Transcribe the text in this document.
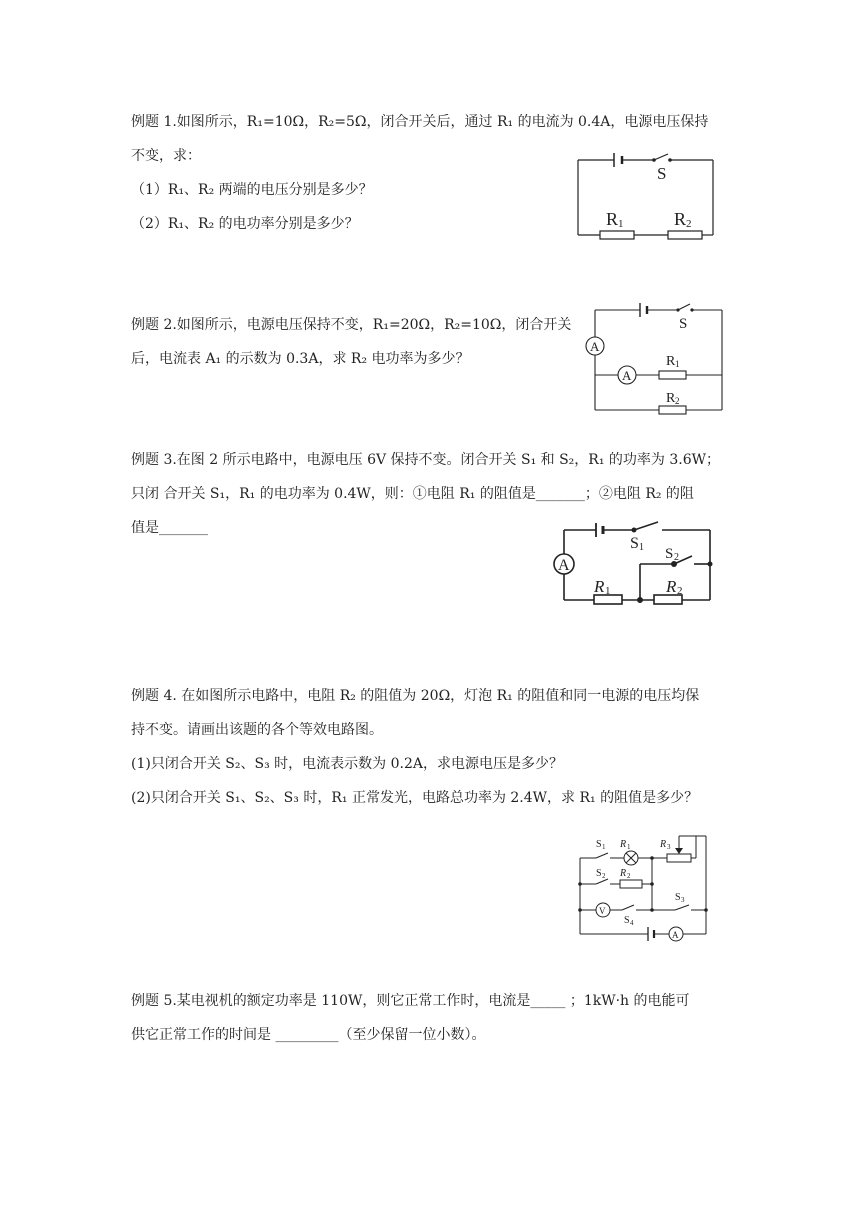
例题 1.如图所示，R₁=10Ω，R₂=5Ω，闭合开关后，通过 R₁ 的电流为 0.4A，电源电压保持
不变，求：
（1）R₁、R₂ 两端的电压分别是多少？
（2）R₁、R₂ 的电功率分别是多少？
S
R 1	R 2
例题 2.如图所示，电源电压保持不变，R₁=20Ω，R₂=10Ω，闭合开关
后，电流表 A₁ 的示数为 0.3A，求 R₂ 电功率为多少？
S
A
A
R 1
R 2
例题 3.在图 2 所示电路中，电源电压 6V 保持不变。闭合开关 S₁ 和 S₂，R₁ 的功率为 3.6W；
只闭 合开关 S₁，R₁ 的电功率为 0.4W，则：①电阻 R₁ 的阻值是_______；②电阻 R₂ 的阻
值是_______
A
S 1 S 2
R 1	R 2
例题 4. 在如图所示电路中，电阻 R₂ 的阻值为 20Ω，灯泡 R₁ 的阻值和同一电源的电压均保
持不变。请画出该题的各个等效电路图。
(1)只闭合开关 S₂、S₃ 时，电流表示数为 0.2A，求电源电压是多少？
(2)只闭合开关 S₁、S₂、S₃ 时，R₁ 正常发光，电路总功率为 2.4W，求 R₁ 的阻值是多少？
S 1 R 1	R 3
S 2 R 2
V
S 4
S 3
A
例题 5.某电视机的额定功率是 110W，则它正常工作时，电流是_____ ；1kW·h 的电能可
供它正常工作的时间是 _________（至少保留一位小数）。
